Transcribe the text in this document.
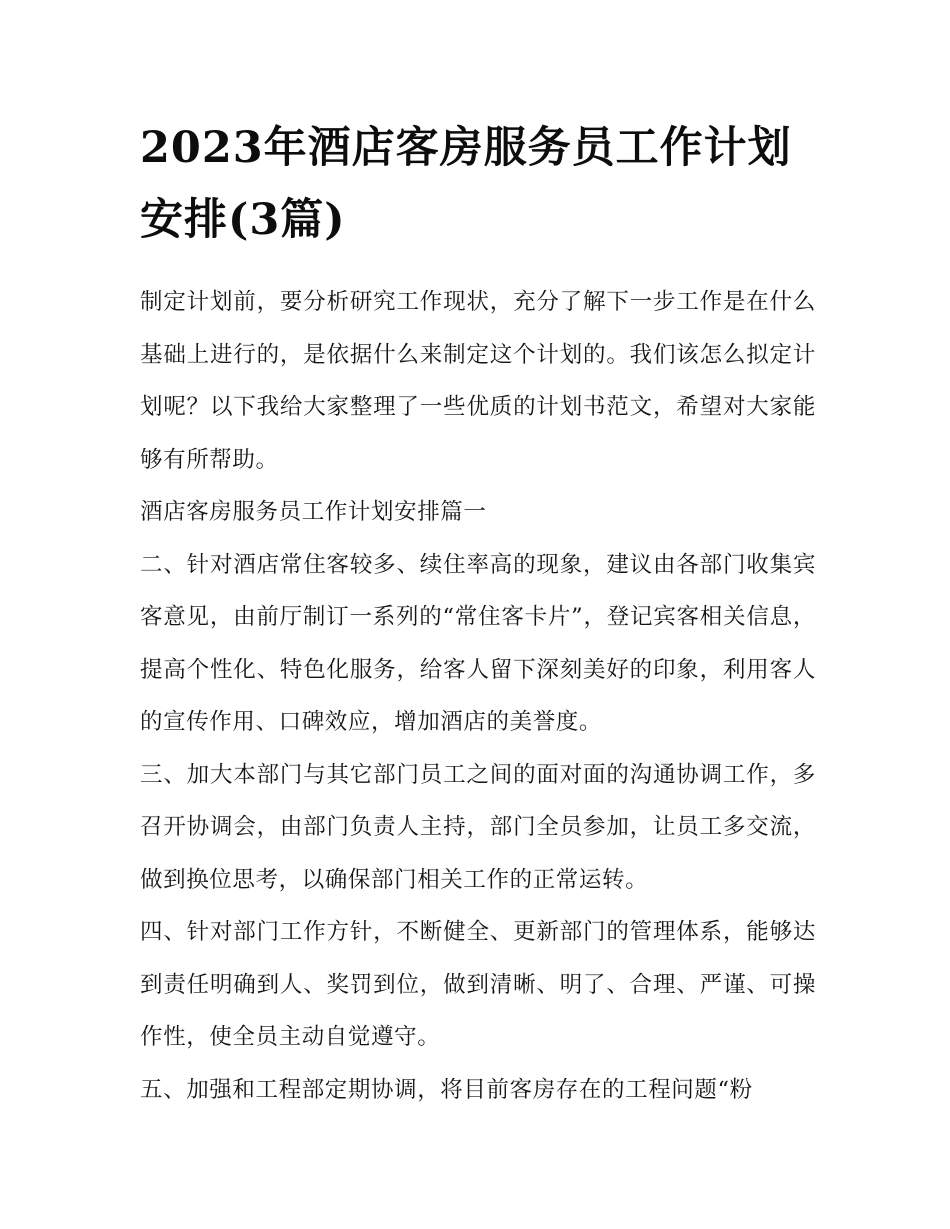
2023年酒店客房服务员工作计划安排(3篇)

制定计划前，要分析研究工作现状，充分了解下一步工作是在什么基础上进行的，是依据什么来制定这个计划的。我们该怎么拟定计划呢？以下我给大家整理了一些优质的计划书范文，希望对大家能够有所帮助。

酒店客房服务员工作计划安排篇一

二、针对酒店常住客较多、续住率高的现象，建议由各部门收集宾客意见，由前厅制订一系列的“常住客卡片”，登记宾客相关信息，提高个性化、特色化服务，给客人留下深刻美好的印象，利用客人的宣传作用、口碑效应，增加酒店的美誉度。

三、加大本部门与其它部门员工之间的面对面的沟通协调工作，多召开协调会，由部门负责人主持，部门全员参加，让员工多交流，做到换位思考，以确保部门相关工作的正常运转。

四、针对部门工作方针，不断健全、更新部门的管理体系，能够达到责任明确到人、奖罚到位，做到清晰、明了、合理、严谨、可操作性，使全员主动自觉遵守。

五、加强和工程部定期协调，将目前客房存在的工程问题“粉
